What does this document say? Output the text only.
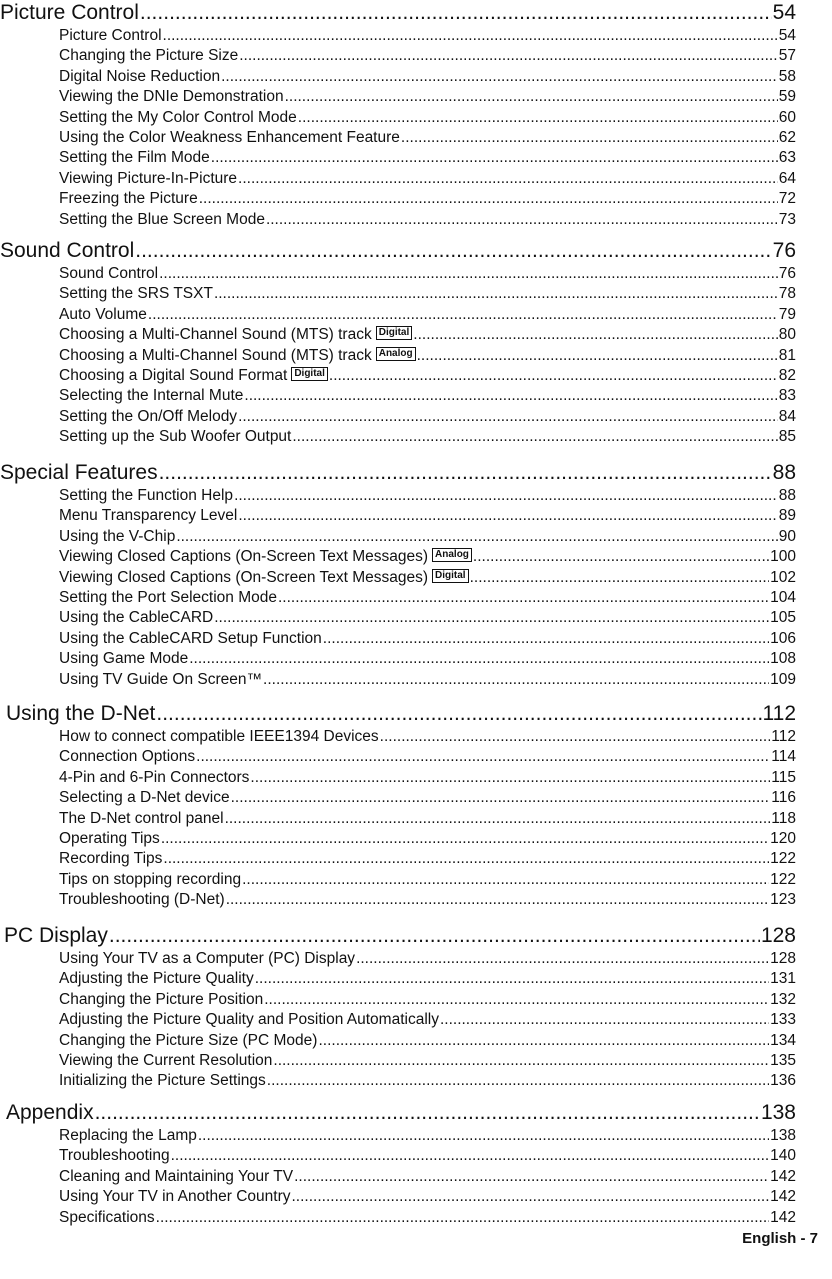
Picture Control .....	54
Picture Control .....	54
Changing the Picture Size .....	57
Digital Noise Reduction .....	58
Viewing the DNIe Demonstration .....	59
Setting the My Color Control Mode .....	60
Using the Color Weakness Enhancement Feature .....	62
Setting the Film Mode .....	63
Viewing Picture-In-Picture .....	64
Freezing the Picture .....	72
Setting the Blue Screen Mode .....	73
Sound Control .....	76
Sound Control .....	76
Setting the SRS TSXT .....	78
Auto Volume .....	79
Choosing a Multi-Channel Sound (MTS) track Digital .....	80
Choosing a Multi-Channel Sound (MTS) track Analog .....	81
Choosing a Digital Sound Format Digital .....	82
Selecting the Internal Mute .....	83
Setting the On/Off Melody .....	84
Setting up the Sub Woofer Output .....	85
Special Features .....	88
Setting the Function Help .....	88
Menu Transparency Level .....	89
Using the V-Chip .....	90
Viewing Closed Captions (On-Screen Text Messages) Analog .....	100
Viewing Closed Captions (On-Screen Text Messages) Digital .....	102
Setting the Port Selection Mode .....	104
Using the CableCARD .....	105
Using the CableCARD Setup Function .....	106
Using Game Mode .....	108
Using TV Guide On Screen™ .....	109
Using the D-Net .....	112
How to connect compatible IEEE1394 Devices .....	112
Connection Options .....	114
4-Pin and 6-Pin Connectors .....	115
Selecting a D-Net device .....	116
The D-Net control panel .....	118
Operating Tips .....	120
Recording Tips .....	122
Tips on stopping recording .....	122
Troubleshooting (D-Net) .....	123
PC Display .....	128
Using Your TV as a Computer (PC) Display .....	128
Adjusting the Picture Quality .....	131
Changing the Picture Position .....	132
Adjusting the Picture Quality and Position Automatically .....	133
Changing the Picture Size (PC Mode) .....	134
Viewing the Current Resolution .....	135
Initializing the Picture Settings .....	136
Appendix .....	138
Replacing the Lamp .....	138
Troubleshooting .....	140
Cleaning and Maintaining Your TV .....	142
Using Your TV in Another Country .....	142
Specifications .....	142
English - 7
